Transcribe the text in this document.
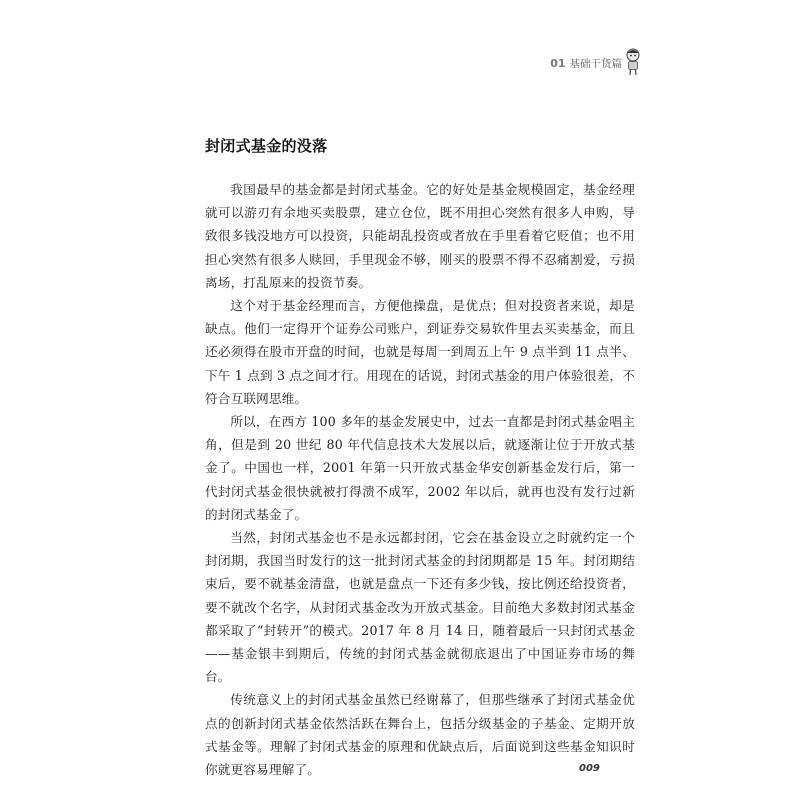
01 基础干货篇
封闭式基金的没落

我国最早的基金都是封闭式基金。它的好处是基金规模固定，基金经理就可以游刃有余地买卖股票，建立仓位，既不用担心突然有很多人申购，导致很多钱没地方可以投资，只能胡乱投资或者放在手里看着它贬值；也不用担心突然有很多人赎回，手里现金不够，刚买的股票不得不忍痛割爱，亏损离场，打乱原来的投资节奏。

这个对于基金经理而言，方便他操盘，是优点；但对投资者来说，却是缺点。他们一定得开个证券公司账户，到证券交易软件里去买卖基金，而且还必须得在股市开盘的时间，也就是每周一到周五上午 9 点半到 11 点半、下午 1 点到 3 点之间才行。用现在的话说，封闭式基金的用户体验很差，不符合互联网思维。

所以，在西方 100 多年的基金发展史中，过去一直都是封闭式基金唱主角，但是到 20 世纪 80 年代信息技术大发展以后，就逐渐让位于开放式基金了。中国也一样，2001 年第一只开放式基金华安创新基金发行后，第一代封闭式基金很快就被打得溃不成军，2002 年以后，就再也没有发行过新的封闭式基金了。

当然，封闭式基金也不是永远都封闭，它会在基金设立之时就约定一个封闭期，我国当时发行的这一批封闭式基金的封闭期都是 15 年。封闭期结束后，要不就基金清盘，也就是盘点一下还有多少钱，按比例还给投资者，要不就改个名字，从封闭式基金改为开放式基金。目前绝大多数封闭式基金都采取了“封转开”的模式。2017 年 8 月 14 日，随着最后一只封闭式基金——基金银丰到期后，传统的封闭式基金就彻底退出了中国证券市场的舞台。

传统意义上的封闭式基金虽然已经谢幕了，但那些继承了封闭式基金优点的创新封闭式基金依然活跃在舞台上，包括分级基金的子基金、定期开放式基金等。理解了封闭式基金的原理和优缺点后，后面说到这些基金知识时你就更容易理解了。	009
